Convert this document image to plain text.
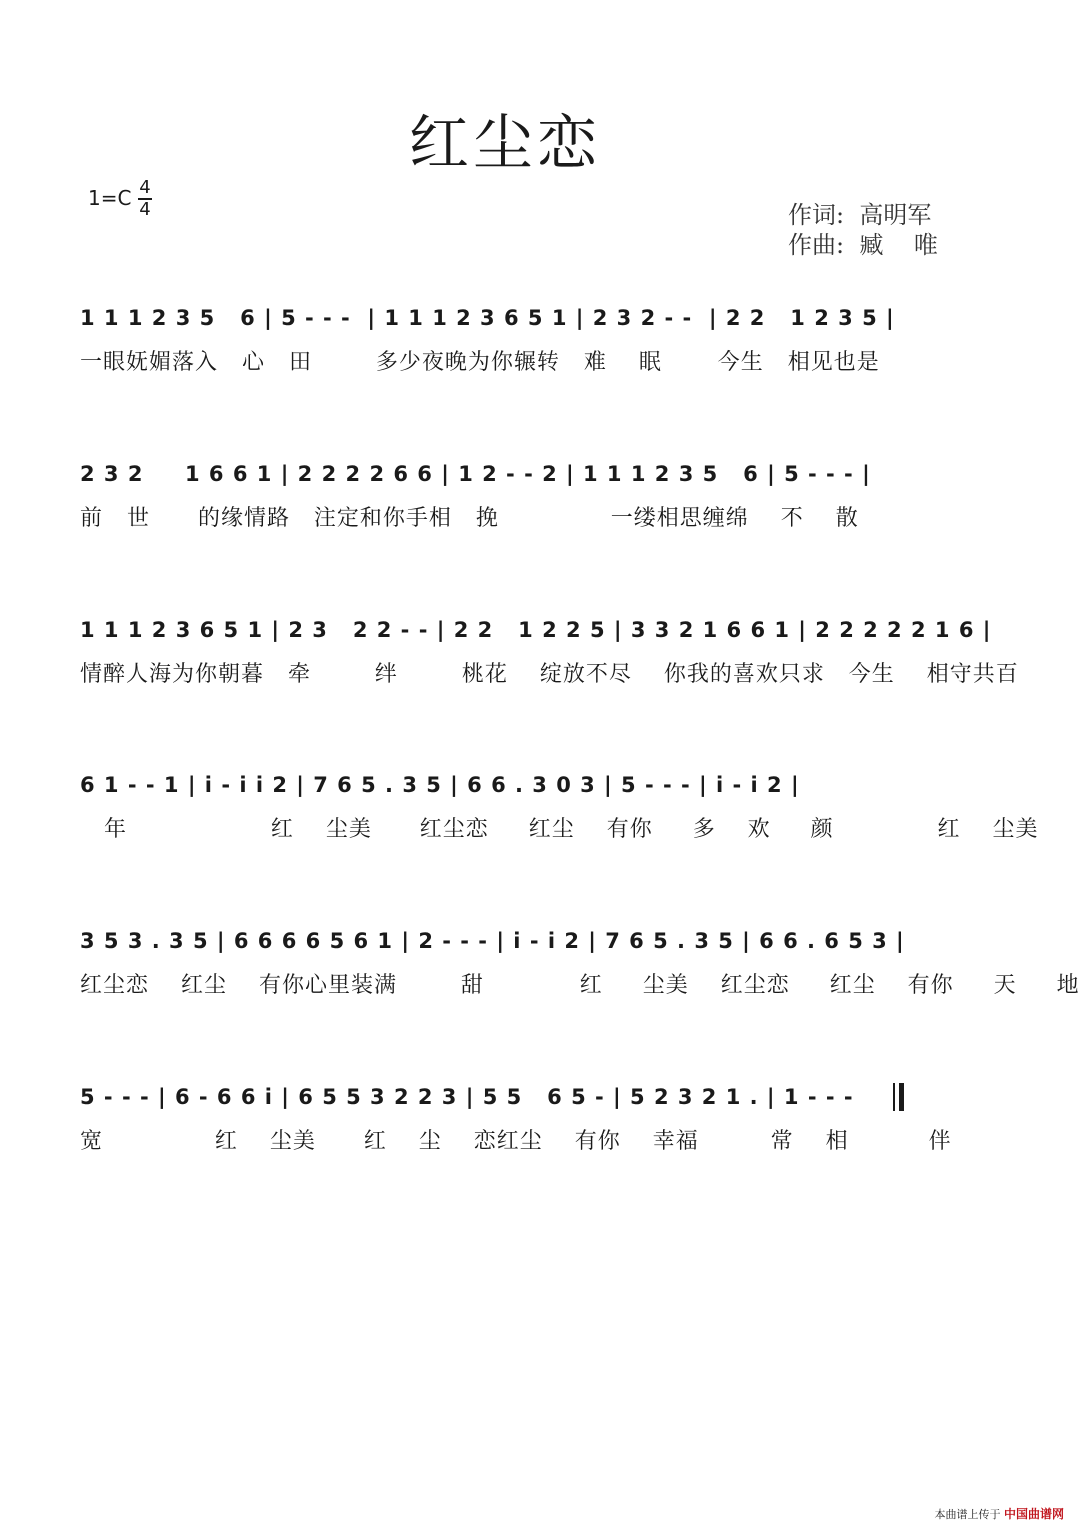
红尘恋
1=C 4
4	作词:  高明军
作曲:  臧    唯
1 1 1 2 3 5   6 | 5 - - -  | 1 1 1 2 3 6 5 1 | 2 3 2 - -  | 2 2   1 2 3 5 |
一眼妩媚落入   心   田        多少夜晚为你辗转   难    眠       今生   相见也是
2 3 2     1 6 6 1 | 2 2 2 2 6 6 | 1 2 - - 2 | 1 1 1 2 3 5   6 | 5 - - - |
前   世      的缘情路   注定和你手相   挽              一缕相思缠绵    不    散
1 1 1 2 3 6 5 1 | 2 3   2 2 - - | 2 2   1 2 2 5 | 3 3 2 1 6 6 1 | 2 2 2 2 2 1 6 |
情醉人海为你朝暮   牵        绊        桃花    绽放不尽    你我的喜欢只求   今生    相守共百
6 1 - - 1 | i - i i 2 | 7 6 5 . 3 5 | 6 6 . 3 0 3 | 5 - - - | i - i 2 |
年                  红    尘美      红尘恋     红尘    有你     多    欢     颜             红    尘美
3 5 3 . 3 5 | 6 6 6 6 5 6 1 | 2 - - - | i - i 2 | 7 6 5 . 3 5 | 6 6 . 6 5 3 |
红尘恋    红尘    有你心里装满        甜            红     尘美    红尘恋     红尘    有你     天     地
5 - - - | 6 - 6 6 i | 6 5 5 3 2 2 3 | 5 5   6 5 - | 5 2 3 2 1 . | 1 - - -
宽              红    尘美      红    尘    恋红尘    有你    幸福         常    相          伴
本曲谱上传于 中国曲谱网
